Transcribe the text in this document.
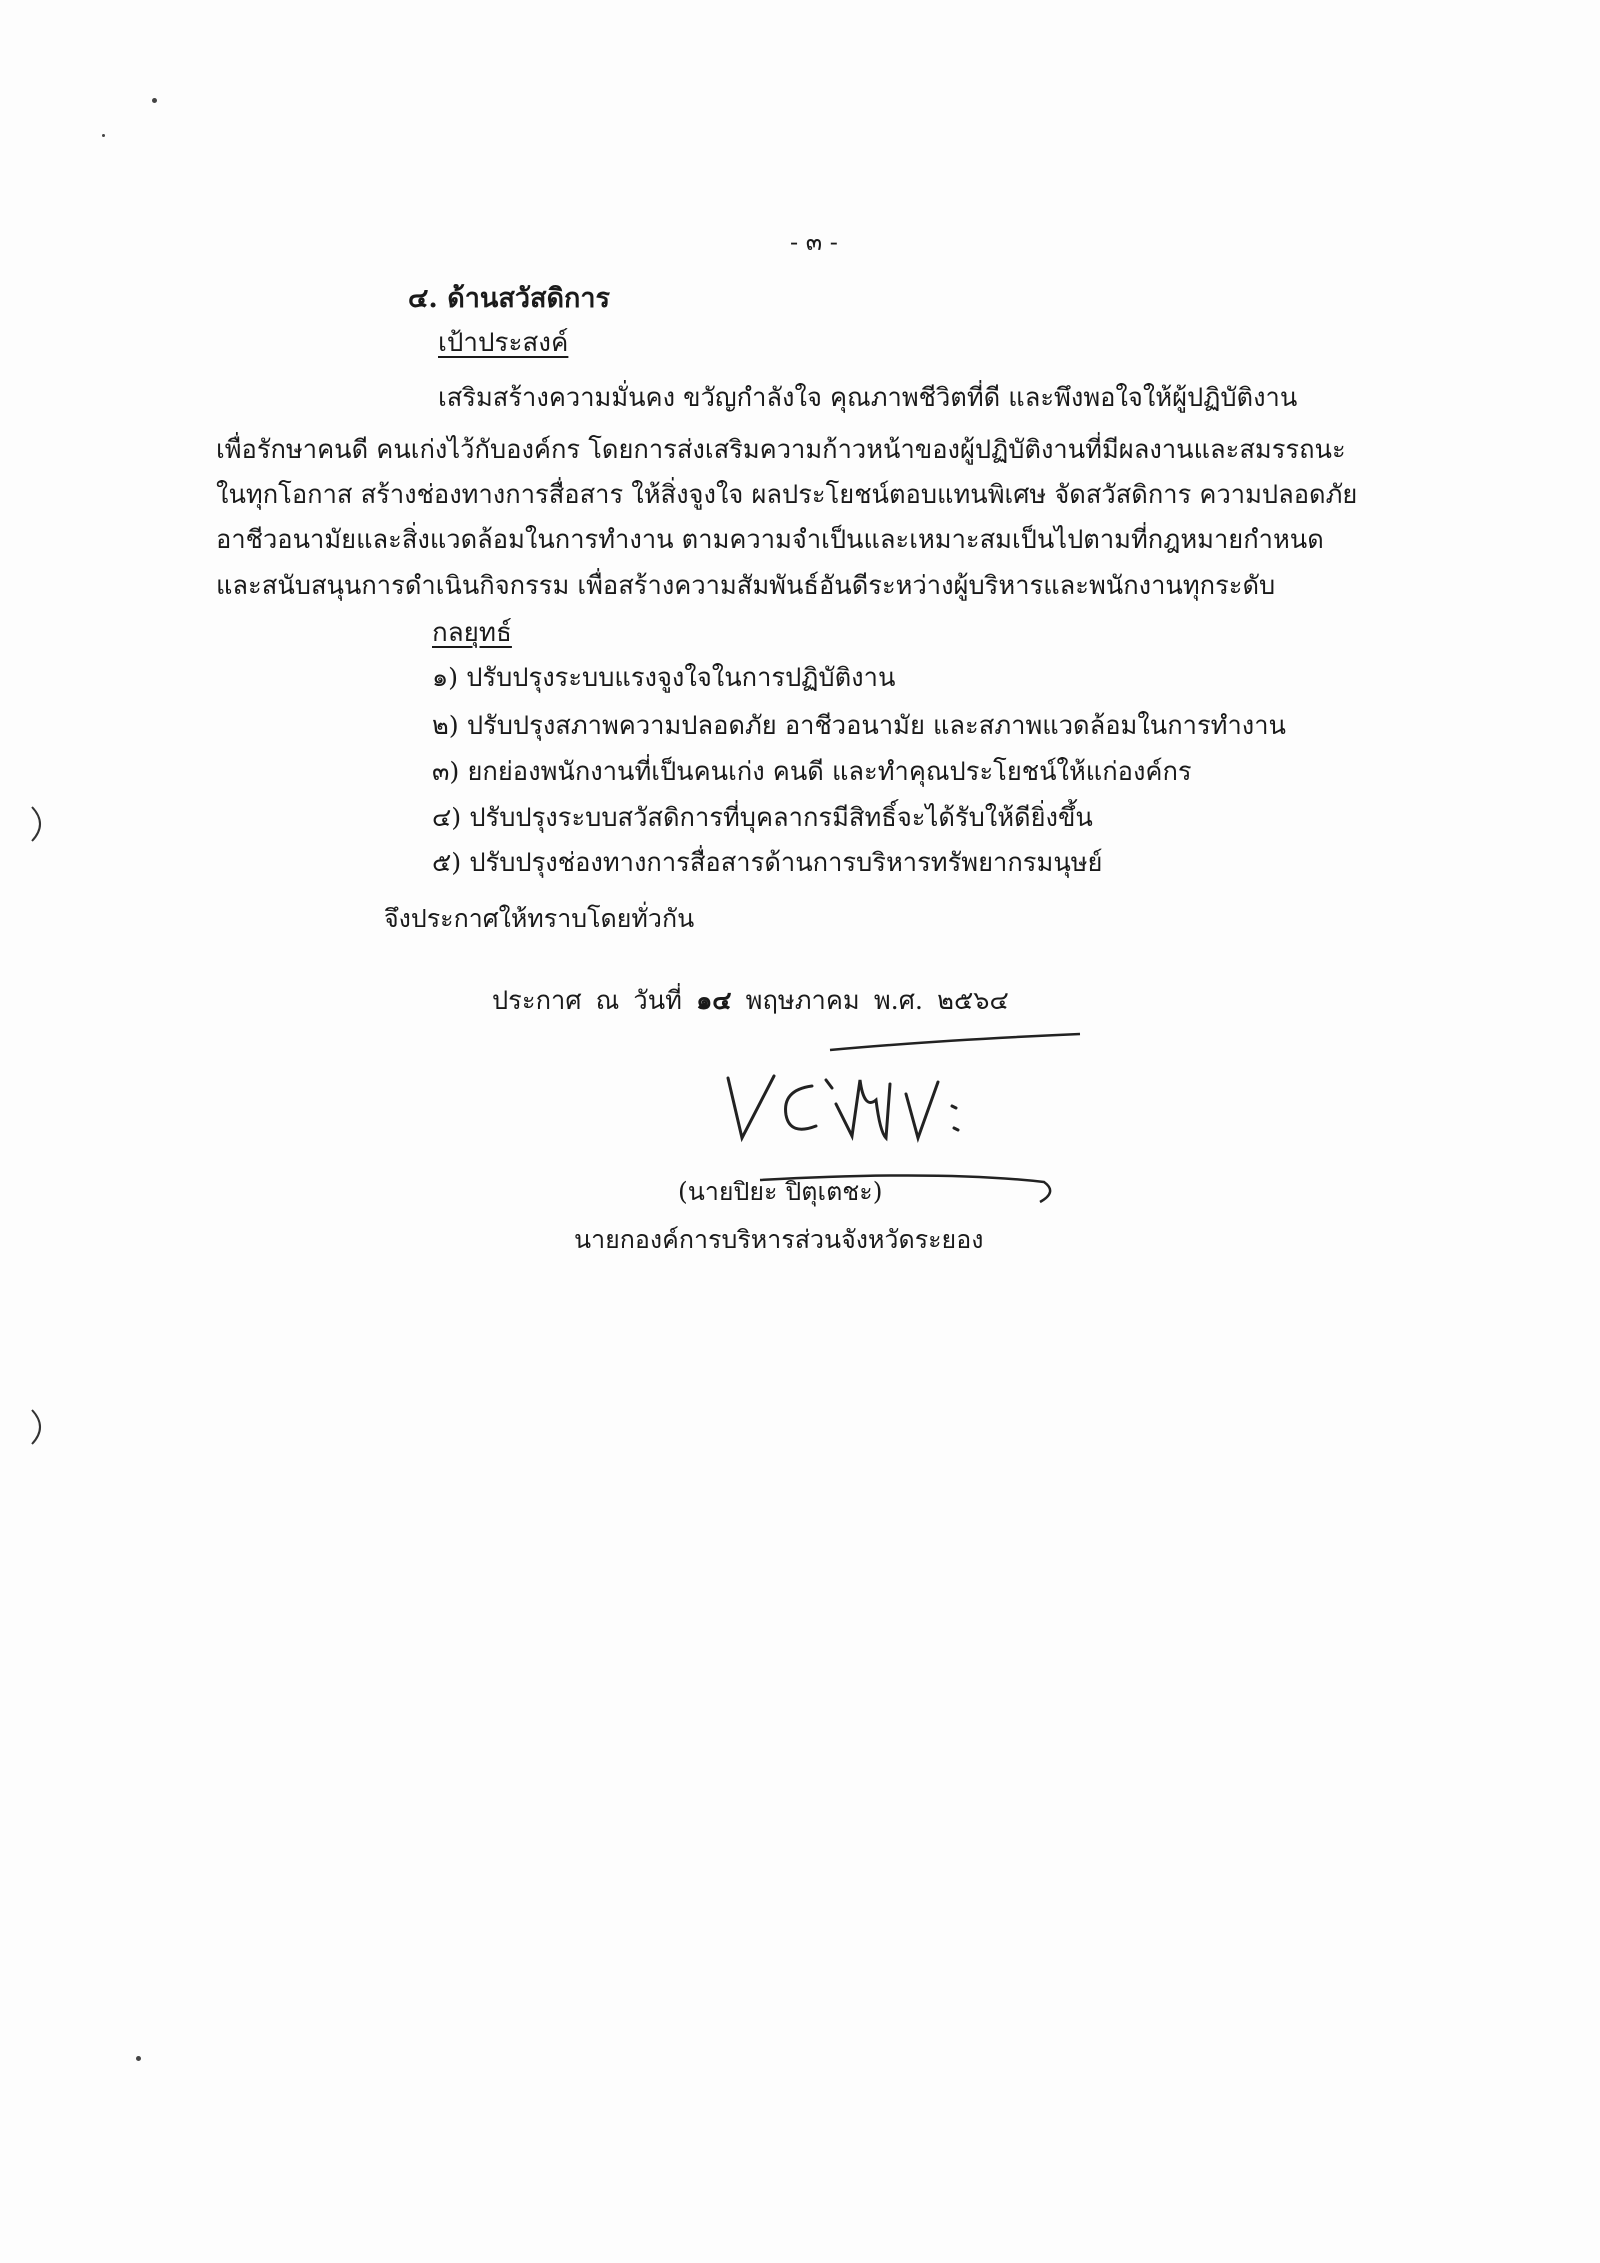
- ๓ -
๔. ด้านสวัสดิการ
เป้าประสงค์
เสริมสร้างความมั่นคง ขวัญกำลังใจ คุณภาพชีวิตที่ดี และพึงพอใจให้ผู้ปฏิบัติงาน
เพื่อรักษาคนดี คนเก่งไว้กับองค์กร โดยการส่งเสริมความก้าวหน้าของผู้ปฏิบัติงานที่มีผลงานและสมรรถนะ
ในทุกโอกาส สร้างช่องทางการสื่อสาร ให้สิ่งจูงใจ ผลประโยชน์ตอบแทนพิเศษ จัดสวัสดิการ ความปลอดภัย
อาชีวอนามัยและสิ่งแวดล้อมในการทำงาน ตามความจำเป็นและเหมาะสมเป็นไปตามที่กฎหมายกำหนด
และสนับสนุนการดำเนินกิจกรรม เพื่อสร้างความสัมพันธ์อันดีระหว่างผู้บริหารและพนักงานทุกระดับ
กลยุทธ์
๑) ปรับปรุงระบบแรงจูงใจในการปฏิบัติงาน
๒) ปรับปรุงสภาพความปลอดภัย อาชีวอนามัย และสภาพแวดล้อมในการทำงาน
๓) ยกย่องพนักงานที่เป็นคนเก่ง คนดี และทำคุณประโยชน์ให้แก่องค์กร
๔) ปรับปรุงระบบสวัสดิการที่บุคลากรมีสิทธิ์จะได้รับให้ดียิ่งขึ้น
๕) ปรับปรุงช่องทางการสื่อสารด้านการบริหารทรัพยากรมนุษย์
จึงประกาศให้ทราบโดยทั่วกัน
ประกาศ ณ วันที่ ๑๔ พฤษภาคม พ.ศ. ๒๕๖๔
(นายปิยะ ปิตุเตชะ)
นายกองค์การบริหารส่วนจังหวัดระยอง
